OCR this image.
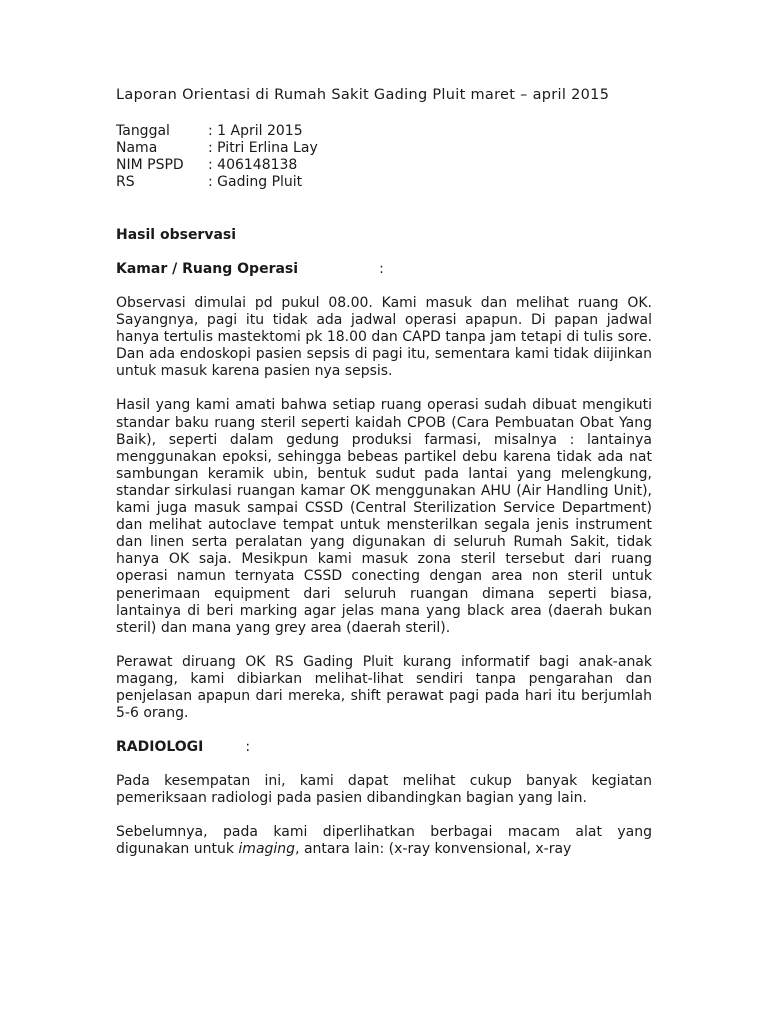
Laporan Orientasi di Rumah Sakit Gading Pluit maret – april 2015
Tanggal	: 1 April 2015
Nama	: Pitri Erlina Lay
NIM PSPD	: 406148138
RS	: Gading Pluit
Hasil observasi
Kamar / Ruang Operasi	:

Observasi dimulai pd pukul 08.00. Kami masuk dan melihat ruang OK. Sayangnya, pagi itu tidak ada jadwal operasi apapun. Di papan jadwal hanya tertulis mastektomi pk 18.00 dan CAPD tanpa jam tetapi di tulis sore. Dan ada endoskopi pasien sepsis di pagi itu, sementara kami tidak diijinkan untuk masuk karena pasien nya sepsis.

Hasil yang kami amati bahwa setiap ruang operasi sudah dibuat mengikuti standar baku ruang steril seperti kaidah CPOB (Cara Pembuatan Obat Yang Baik), seperti dalam gedung produksi farmasi, misalnya : lantainya menggunakan epoksi, sehingga bebeas partikel debu karena tidak ada nat sambungan keramik ubin, bentuk sudut pada lantai yang melengkung, standar sirkulasi ruangan kamar OK menggunakan AHU (Air Handling Unit), kami juga masuk sampai CSSD (Central Sterilization Service Department) dan melihat autoclave tempat untuk mensterilkan segala jenis instrument dan linen serta peralatan yang digunakan di seluruh Rumah Sakit, tidak hanya OK saja. Mesikpun kami masuk zona steril tersebut dari ruang operasi namun ternyata CSSD conecting dengan area non steril untuk penerimaan equipment dari seluruh ruangan dimana seperti biasa, lantainya di beri marking agar jelas mana yang black area (daerah bukan steril) dan mana yang grey area (daerah steril).

Perawat diruang OK RS Gading Pluit kurang informatif bagi anak-anak magang, kami dibiarkan melihat-lihat sendiri tanpa pengarahan dan penjelasan apapun dari mereka, shift perawat pagi pada hari itu berjumlah 5-6 orang.

RADIOLOGI	:

Pada kesempatan ini, kami dapat melihat cukup banyak kegiatan pemeriksaan radiologi pada pasien dibandingkan bagian yang lain.

Sebelumnya, pada kami diperlihatkan berbagai macam alat yang digunakan untuk imaging, antara lain: (x-ray konvensional, x-ray
